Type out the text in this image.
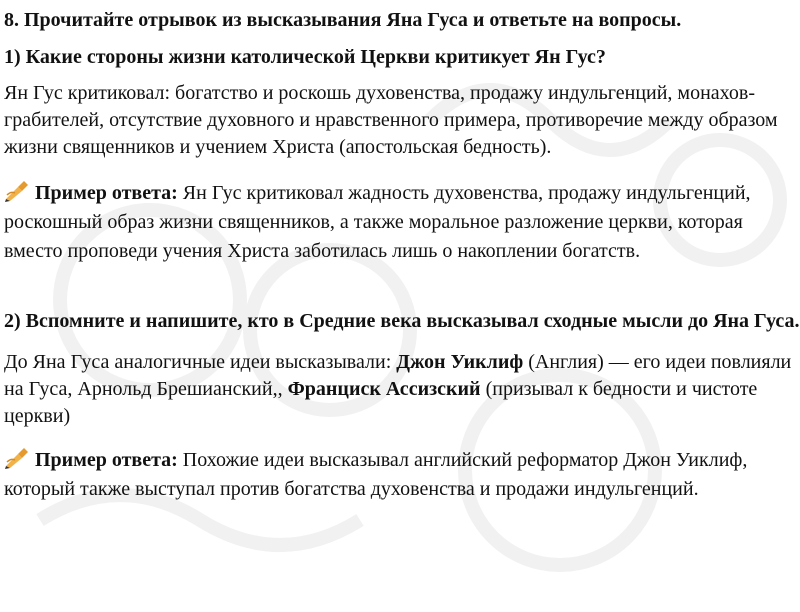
8. Прочитайте отрывок из высказывания Яна Гуса и ответьте на вопросы.

1) Какие стороны жизни католической Церкви критикует Ян Гус?

Ян Гус критиковал: богатство и роскошь духовенства, продажу индульгенций, монахов-грабителей, отсутствие духовного и нравственного примера, противоречие между образом жизни священников и учением Христа (апостольская бедность).

Пример ответа: Ян Гус критиковал жадность духовенства, продажу индульгенций, роскошный образ жизни священников, а также моральное разложение церкви, которая вместо проповеди учения Христа заботилась лишь о накоплении богатств.

2) Вспомните и напишите, кто в Средние века высказывал сходные мысли до Яна Гуса.

До Яна Гуса аналогичные идеи высказывали: Джон Уиклиф (Англия) — его идеи повлияли на Гуса, Арнольд Брешианский,, Франциск Ассизский (призывал к бедности и чистоте церкви)

Пример ответа: Похожие идеи высказывал английский реформатор Джон Уиклиф, который также выступал против богатства духовенства и продажи индульгенций.
